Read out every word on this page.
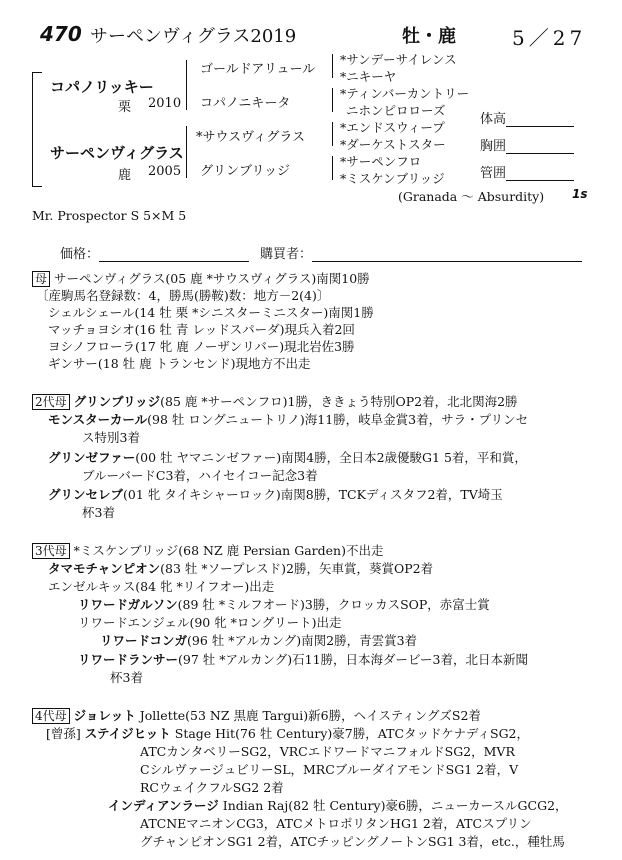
470 サーペンヴィグラス2019	牡・鹿	5／27
コパノリッキー
栗 2010
サーペンヴィグラス
鹿 2005
ゴールドアリュール
コパノニキータ
*サウスヴィグラス
グリンブリッジ
*サンデーサイレンス
*ニキーヤ
*ティンバーカントリー
ニホンピロローズ
*エンドスウィープ
*ダーケストスター
*サーペンフロ
*ミスケンブリッジ
体高
胸囲
管囲
(Granada ～ Absurdity) 1s
Mr. Prospector S 5×M 5
価格：	購買者：
母 サーペンヴィグラス(05 鹿 *サウスヴィグラス)南関10勝
〔産駒馬名登録数：4，勝馬(勝鞍)数：地方－2(4)〕
シェルシェール(14 牡 栗 *シニスターミニスター)南関1勝
マッチョヨシオ(16 牡 青 レッドスパーダ)現兵入着2回
ヨシノフローラ(17 牝 鹿 ノーザンリバー)現北岩佐3勝
ギンサー(18 牡 鹿 トランセンド)現地方不出走
2代母 グリンブリッジ(85 鹿 *サーペンフロ)1勝，ききょう特別OP2着，北北関海2勝
モンスターカール(98 牡 ロングニュートリノ)海11勝，岐阜金賞3着，サラ・プリンセ
ス特別3着
グリンゼファー(00 牡 ヤマニンゼファー)南関4勝，全日本2歳優駿G1 5着，平和賞，
ブルーバードC3着，ハイセイコー記念3着
グリンセレブ(01 牝 タイキシャーロック)南関8勝，TCKディスタフ2着，TV埼玉
杯3着
3代母 *ミスケンブリッジ(68 NZ 鹿 Persian Garden)不出走
タマモチャンピオン(83 牡 *ソープレスド)2勝，矢車賞，葵賞OP2着
エンゼルキッス(84 牝 *リイフオー)出走
リワードガルソン(89 牡 *ミルフオード)3勝，クロッカスSOP，赤富士賞
リワードエンジェル(90 牝 *ロングリート)出走
リワードコンガ(96 牡 *アルカング)南関2勝，青雲賞3着
リワードランサー(97 牡 *アルカング)石11勝，日本海ダービー3着，北日本新聞
杯3着
4代母 ジョレット Jollette(53 NZ 黒鹿 Targui)新6勝，ヘイスティングズS2着
[曾孫] ステイジヒット Stage Hit(76 牡 Century)豪7勝，ATCタッドケナディSG2，
ATCカンタベリーSG2，VRCエドワードマニフォルドSG2，MVR
CシルヴァージュビリーSL，MRCブルーダイアモンドSG1 2着，V
RCウェイクフルSG2 2着
インディアンラージ Indian Raj(82 牡 Century)豪6勝，ニューカースルGCG2，
ATCNEマニオンCG3，ATCメトロポリタンHG1 2着，ATCスプリン
グチャンピオンSG1 2着，ATCチッピングノートンSG1 3着，etc.，種牡馬
